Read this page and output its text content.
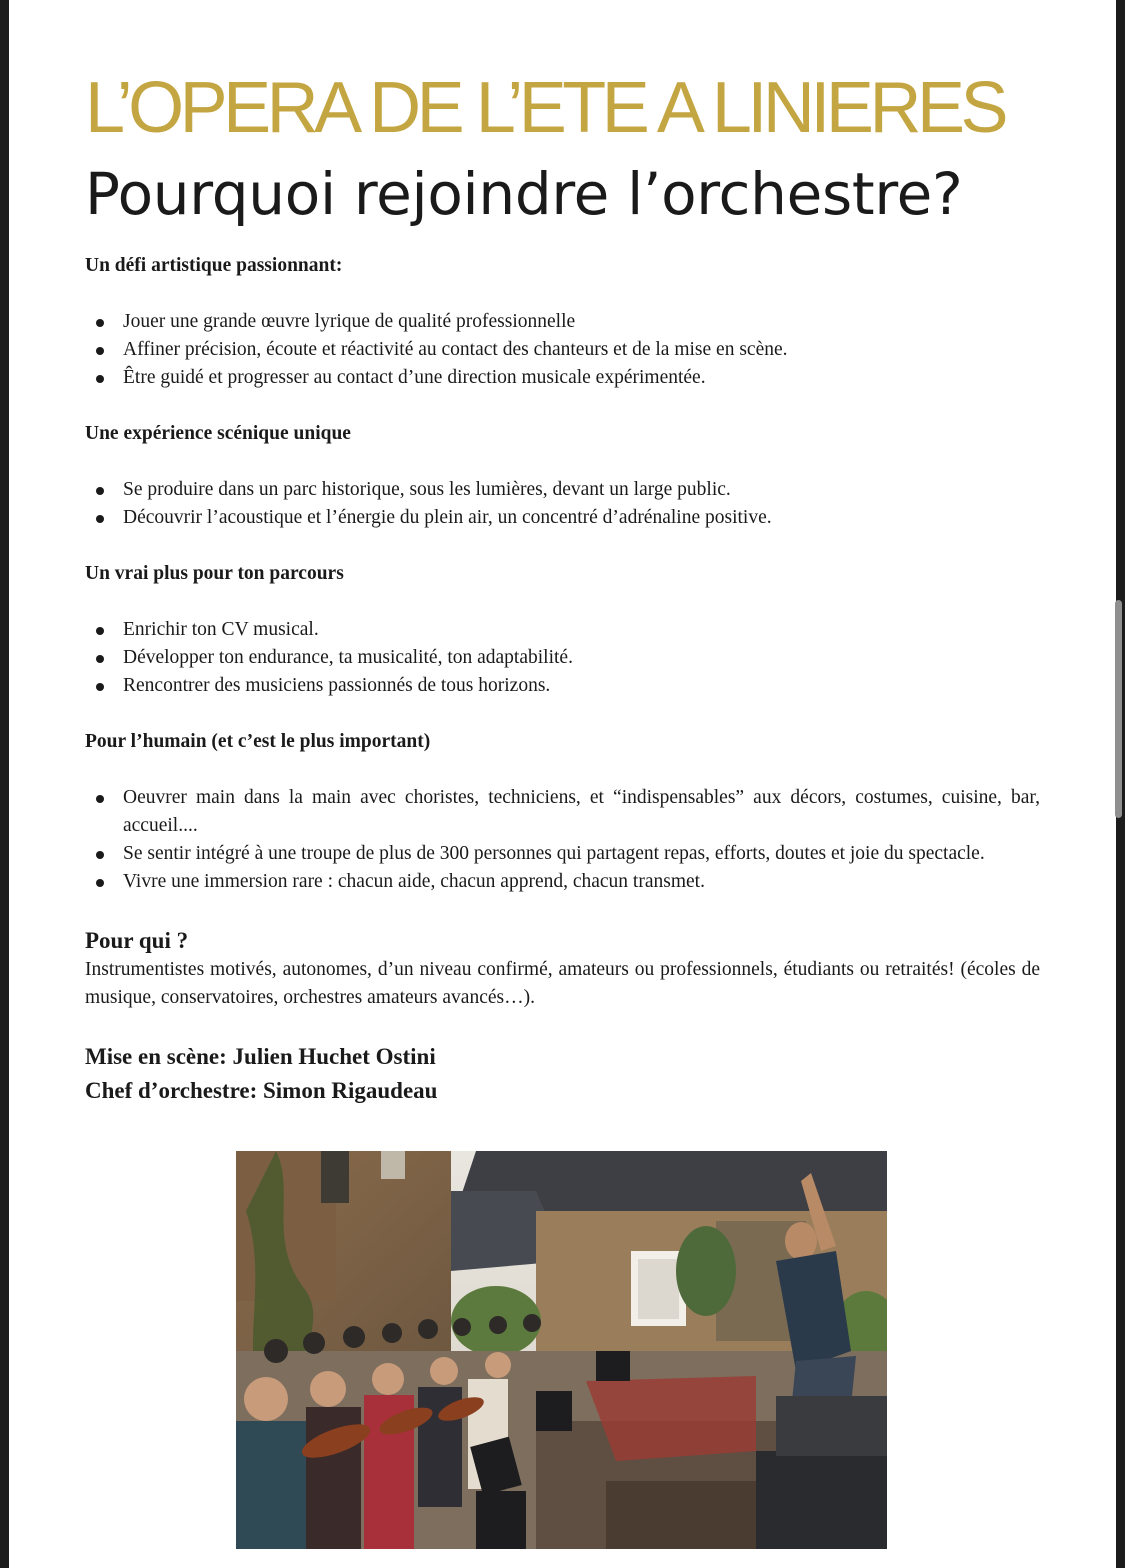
L’OPERA DE L’ETE A LINIERES
Pourquoi rejoindre l’orchestre?

Un défi artistique passionnant:

Jouer une grande œuvre lyrique de qualité professionnelle
Affiner précision, écoute et réactivité au contact des chanteurs et de la mise en scène.
Être guidé et progresser au contact d’une direction musicale expérimentée.

Une expérience scénique unique

Se produire dans un parc historique, sous les lumières, devant un large public.
Découvrir l’acoustique et l’énergie du plein air, un concentré d’adrénaline positive.

Un vrai plus pour ton parcours

Enrichir ton CV musical.
Développer ton endurance, ta musicalité, ton adaptabilité.
Rencontrer des musiciens passionnés de tous horizons.

Pour l’humain (et c’est le plus important)

Oeuvrer main dans la main avec choristes, techniciens, et “indispensables” aux décors, costumes, cuisine, bar, accueil....
Se sentir intégré à une troupe de plus de 300 personnes qui partagent repas, efforts, doutes et joie du spectacle.
Vivre une immersion rare : chacun aide, chacun apprend, chacun transmet.

Pour qui ?

Instrumentistes motivés, autonomes, d’un niveau confirmé, amateurs ou professionnels, étudiants ou retraités! (écoles de musique, conservatoires, orchestres amateurs avancés…).

Mise en scène: Julien Huchet Ostini

Chef d’orchestre: Simon Rigaudeau
